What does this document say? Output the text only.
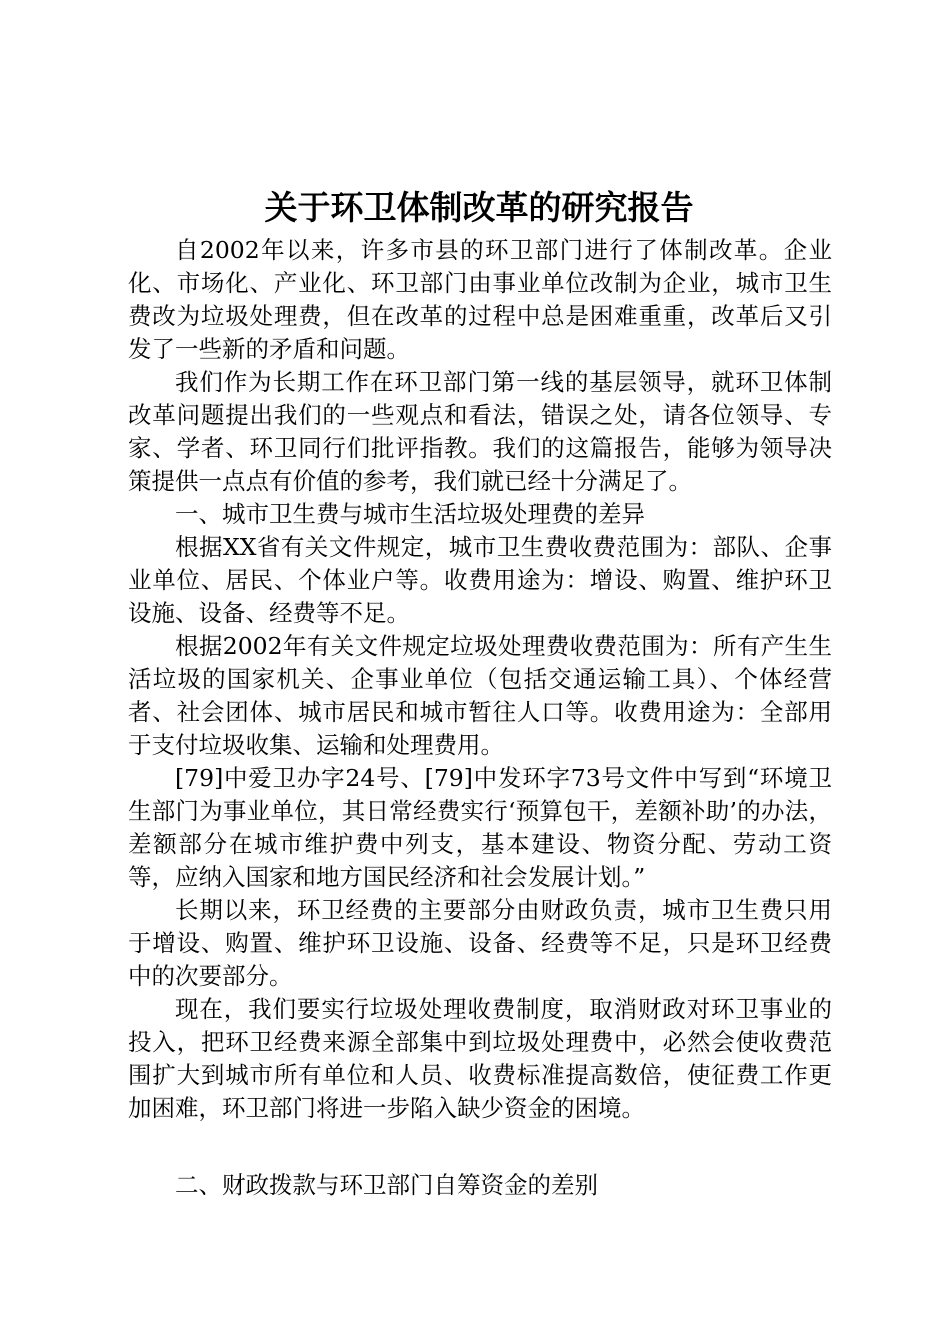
关于环卫体制改革的研究报告

自2002年以来，许多市县的环卫部门进行了体制改革。企业化、市场化、产业化、环卫部门由事业单位改制为企业，城市卫生费改为垃圾处理费，但在改革的过程中总是困难重重，改革后又引发了一些新的矛盾和问题。

我们作为长期工作在环卫部门第一线的基层领导，就环卫体制改革问题提出我们的一些观点和看法，错误之处，请各位领导、专家、学者、环卫同行们批评指教。我们的这篇报告，能够为领导决策提供一点点有价值的参考，我们就已经十分满足了。

一、城市卫生费与城市生活垃圾处理费的差异

根据XX省有关文件规定，城市卫生费收费范围为：部队、企事业单位、居民、个体业户等。收费用途为：增设、购置、维护环卫设施、设备、经费等不足。

根据2002年有关文件规定垃圾处理费收费范围为：所有产生生活垃圾的国家机关、企事业单位（包括交通运输工具）、个体经营者、社会团体、城市居民和城市暂往人口等。收费用途为：全部用于支付垃圾收集、运输和处理费用。

[79]中爱卫办字24号、[79]中发环字73号文件中写到“环境卫生部门为事业单位，其日常经费实行‘预算包干，差额补助’的办法，差额部分在城市维护费中列支，基本建设、物资分配、劳动工资等，应纳入国家和地方国民经济和社会发展计划。”

长期以来，环卫经费的主要部分由财政负责，城市卫生费只用于增设、购置、维护环卫设施、设备、经费等不足，只是环卫经费中的次要部分。

现在，我们要实行垃圾处理收费制度，取消财政对环卫事业的投入，把环卫经费来源全部集中到垃圾处理费中，必然会使收费范围扩大到城市所有单位和人员、收费标准提高数倍，使征费工作更加困难，环卫部门将进一步陷入缺少资金的困境。

二、财政拨款与环卫部门自筹资金的差别
